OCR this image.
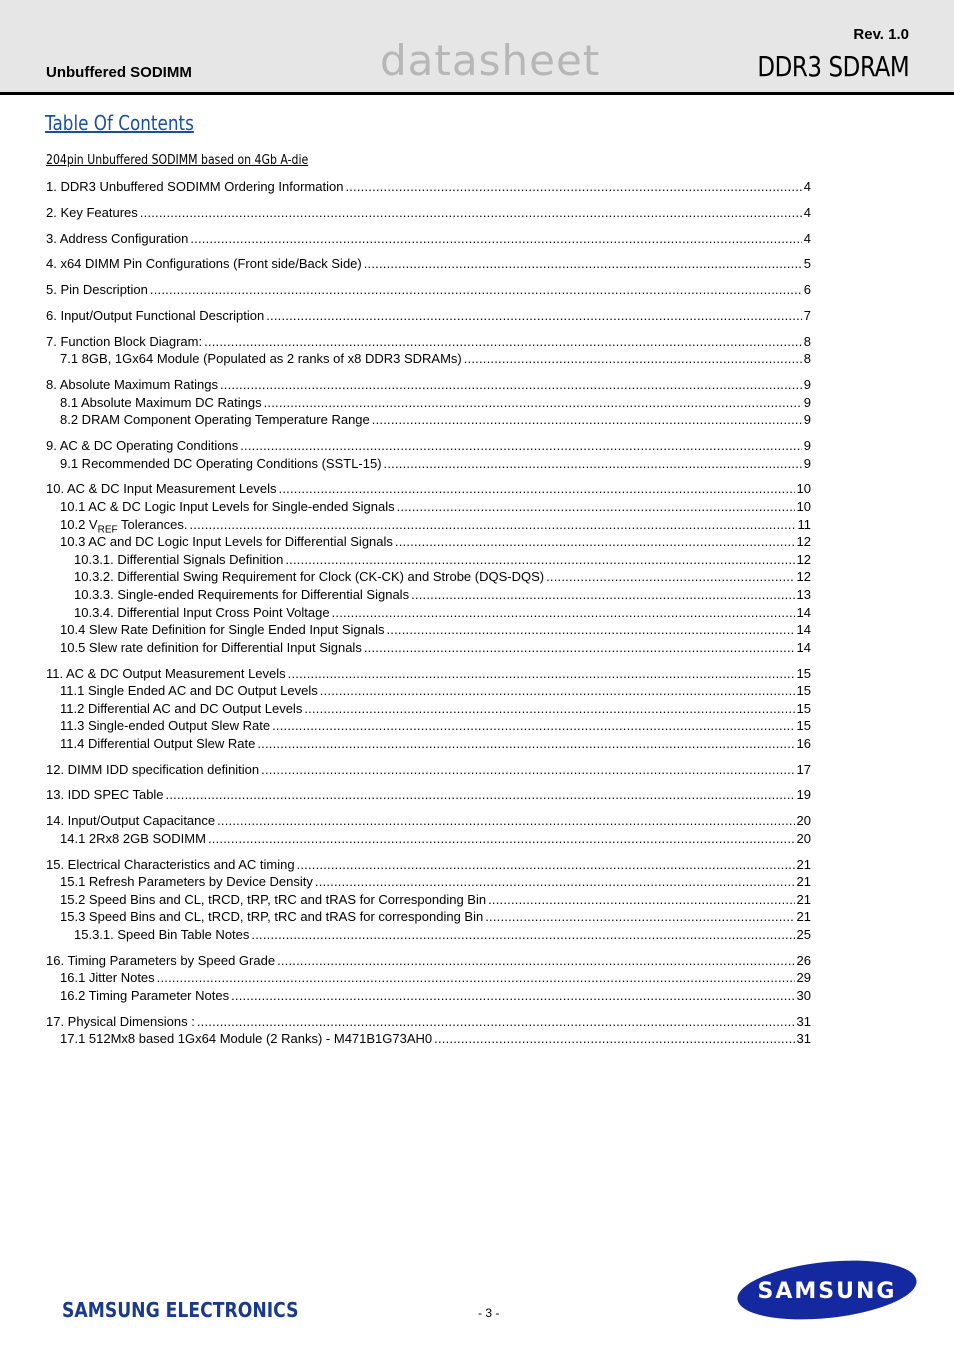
Rev. 1.0
Unbuffered SODIMM	datasheet	DDR3 SDRAM
Table Of Contents
204pin Unbuffered SODIMM based on 4Gb A-die
1. DDR3 Unbuffered SODIMM Ordering Information .....	4
2. Key Features .....	4
3. Address Configuration .....	4
4. x64 DIMM Pin Configurations (Front side/Back Side) .....	5
5. Pin Description .....	6
6. Input/Output Functional Description .....	7
7. Function Block Diagram: .....	8
7.1 8GB, 1Gx64 Module (Populated as 2 ranks of x8 DDR3 SDRAMs) .....	8
8. Absolute Maximum Ratings .....	9
8.1 Absolute Maximum DC Ratings .....	9
8.2 DRAM Component Operating Temperature Range .....	9
9. AC & DC Operating Conditions .....	9
9.1 Recommended DC Operating Conditions (SSTL-15) .....	9
10. AC & DC Input Measurement Levels .....	10
10.1 AC & DC Logic Input Levels for Single-ended Signals .....	10
10.2 $V_{REF}$ Tolerances. .....	11
10.3 AC and DC Logic Input Levels for Differential Signals .....	12
10.3.1. Differential Signals Definition .....	12
10.3.2. Differential Swing Requirement for Clock (CK-CK) and Strobe (DQS-DQS) .....	12
10.3.3. Single-ended Requirements for Differential Signals .....	13
10.3.4. Differential Input Cross Point Voltage .....	14
10.4 Slew Rate Definition for Single Ended Input Signals .....	14
10.5 Slew rate definition for Differential Input Signals .....	14
11. AC & DC Output Measurement Levels .....	15
11.1 Single Ended AC and DC Output Levels .....	15
11.2 Differential AC and DC Output Levels .....	15
11.3 Single-ended Output Slew Rate .....	15
11.4 Differential Output Slew Rate .....	16
12. DIMM IDD specification definition .....	17
13. IDD SPEC Table .....	19
14. Input/Output Capacitance .....	20
14.1 2Rx8 2GB SODIMM .....	20
15. Electrical Characteristics and AC timing .....	21
15.1 Refresh Parameters by Device Density .....	21
15.2 Speed Bins and CL, tRCD, tRP, tRC and tRAS for Corresponding Bin .....	21
15.3 Speed Bins and CL, tRCD, tRP, tRC and tRAS for corresponding Bin .....	21
15.3.1. Speed Bin Table Notes .....	25
16. Timing Parameters by Speed Grade .....	26
16.1 Jitter Notes .....	29
16.2 Timing Parameter Notes .....	30
17. Physical Dimensions : .....	31
17.1 512Mx8 based 1Gx64 Module (2 Ranks) - M471B1G73AH0 .....	31
SAMSUNG ELECTRONICS	- 3 -
SAMSUNG
